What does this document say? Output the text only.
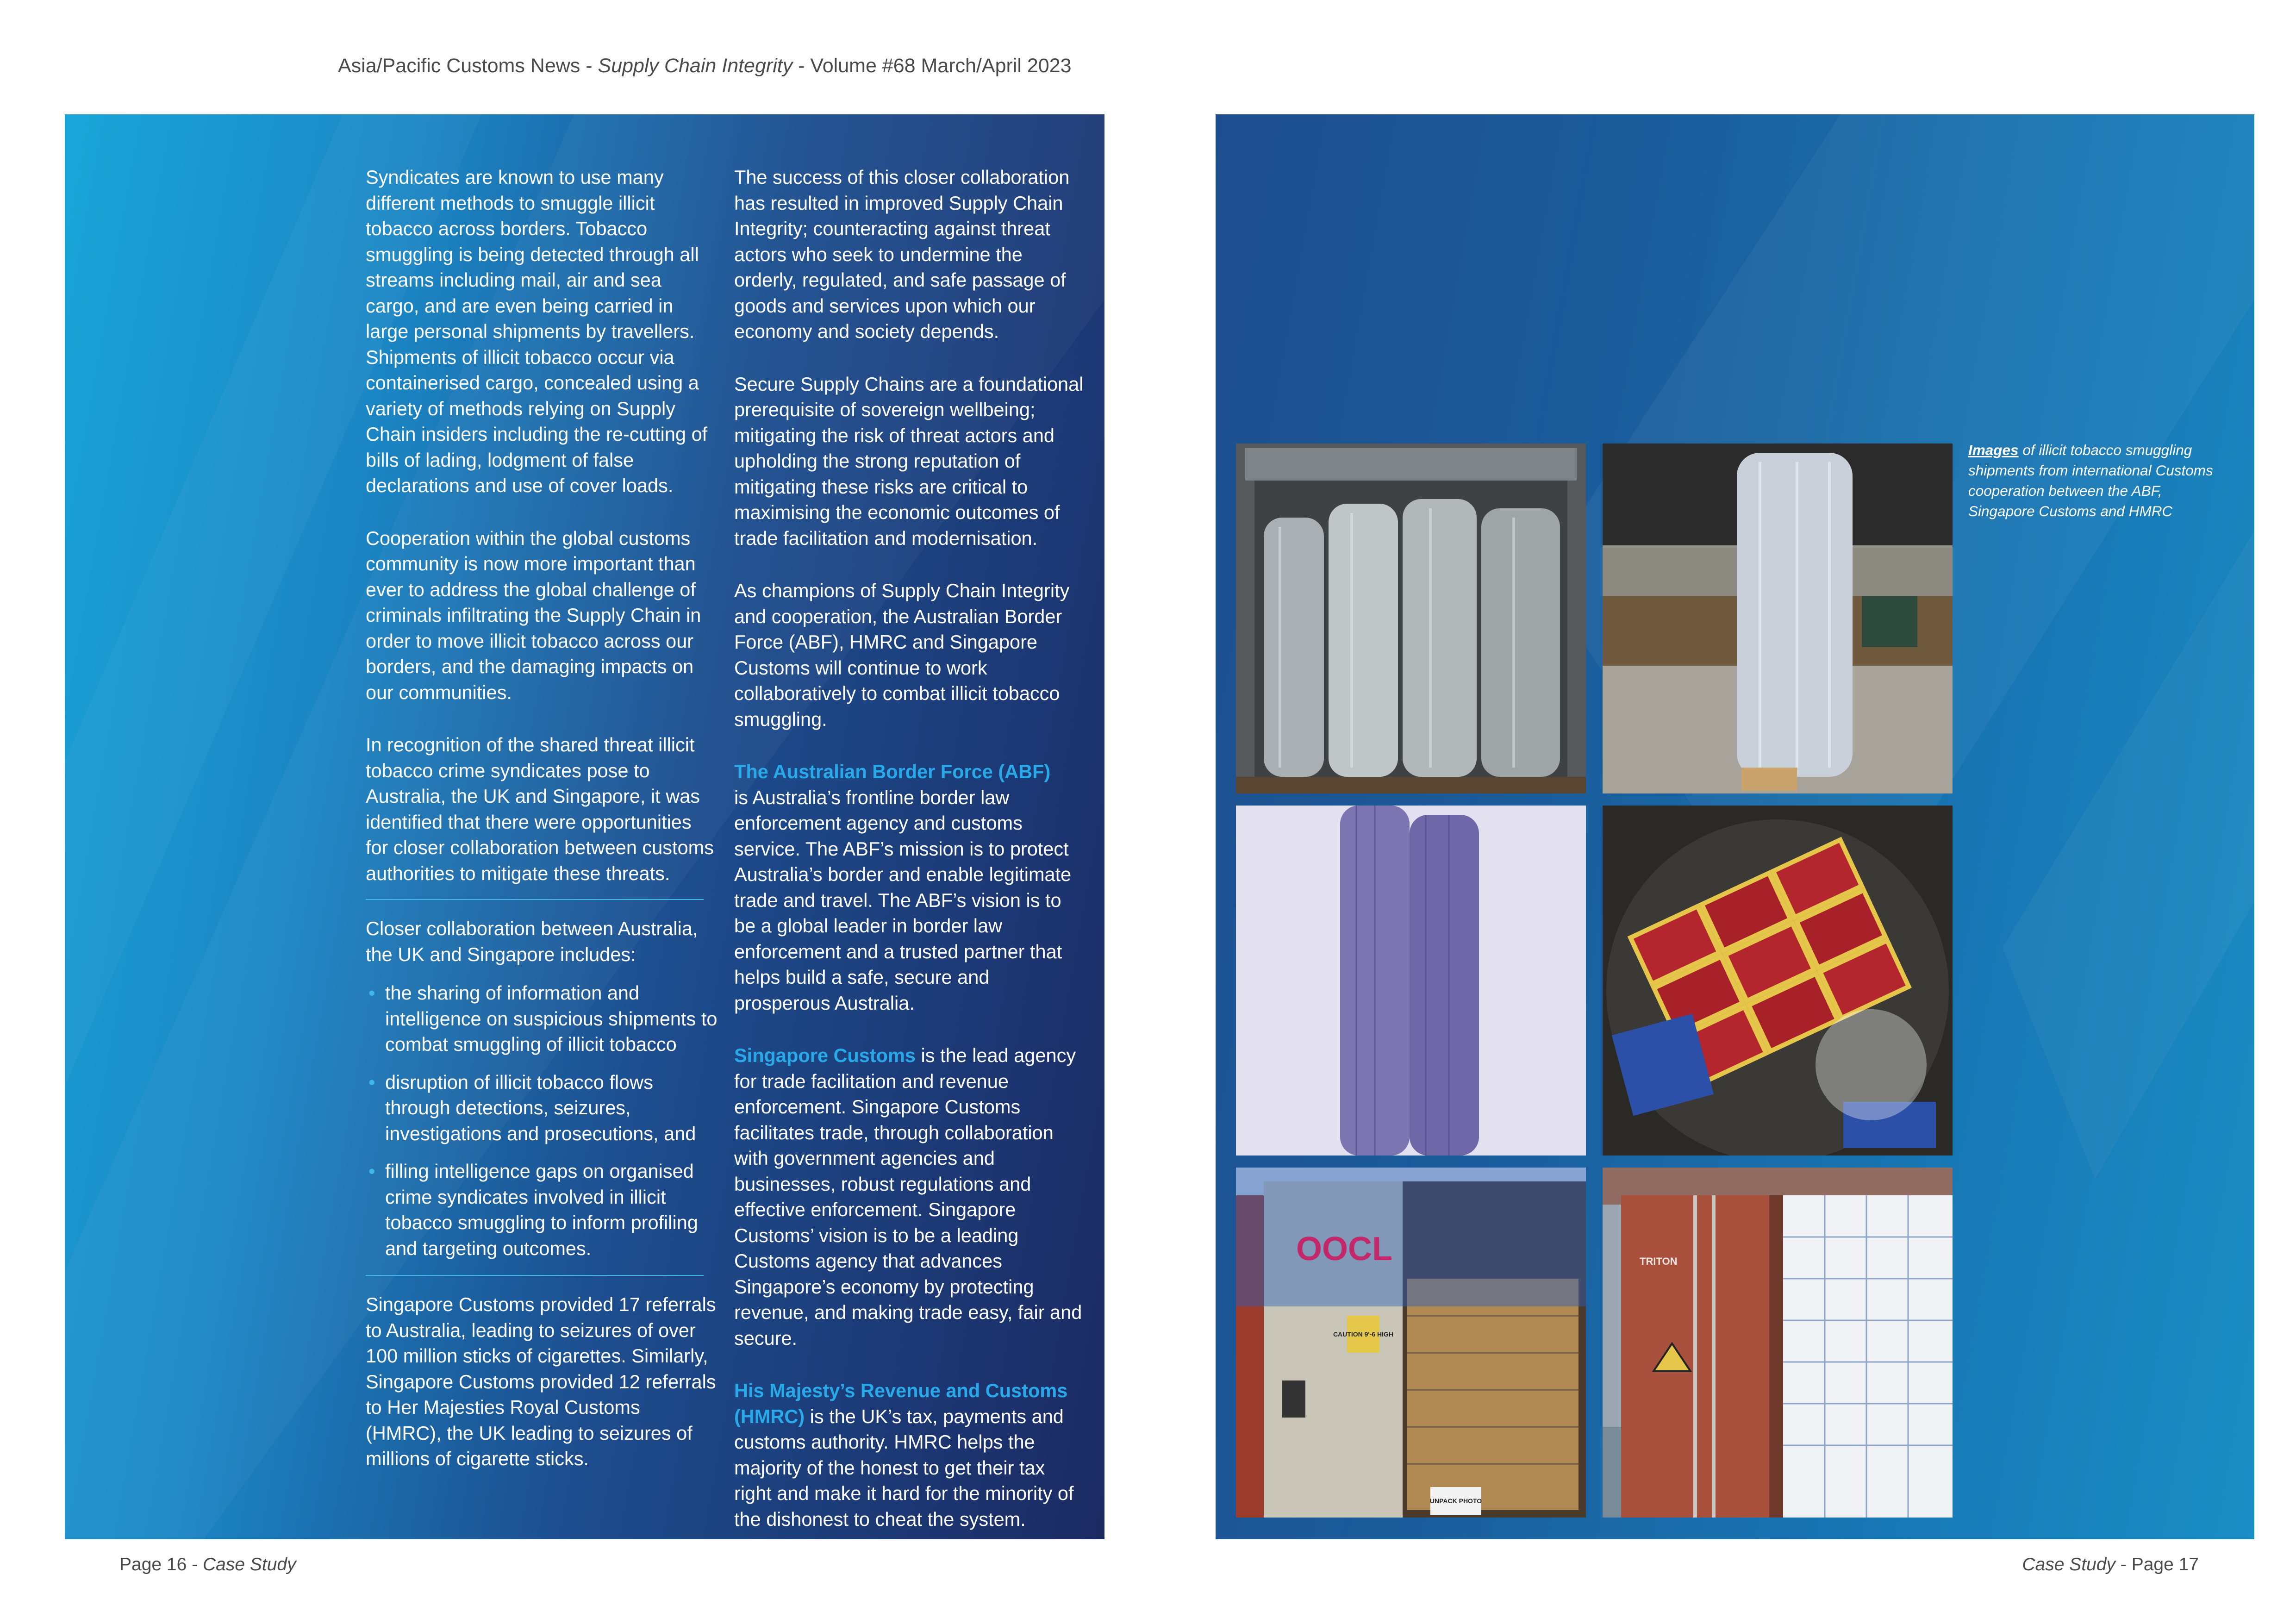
Asia/Pacific Customs News - Supply Chain Integrity - Volume #68 March/April 2023

Syndicates are known to use many different methods to smuggle illicit tobacco across borders. Tobacco smuggling is being detected through all streams including mail, air and sea cargo, and are even being carried in large personal shipments by travellers. Shipments of illicit tobacco occur via containerised cargo, concealed using a variety of methods relying on Supply Chain insiders including the re-cutting of bills of lading, lodgment of false declarations and use of cover loads.

Cooperation within the global customs community is now more important than ever to address the global challenge of criminals infiltrating the Supply Chain in order to move illicit tobacco across our borders, and the damaging impacts on our communities.

In recognition of the shared threat illicit tobacco crime syndicates pose to Australia, the UK and Singapore, it was identified that there were opportunities for closer collaboration between customs authorities to mitigate these threats.

Closer collaboration between Australia, the UK and Singapore includes:

• the sharing of information and intelligence on suspicious shipments to combat smuggling of illicit tobacco
• disruption of illicit tobacco flows through detections, seizures, investigations and prosecutions, and
• filling intelligence gaps on organised crime syndicates involved in illicit tobacco smuggling to inform profiling and targeting outcomes.

Singapore Customs provided 17 referrals to Australia, leading to seizures of over 100 million sticks of cigarettes. Similarly, Singapore Customs provided 12 referrals to Her Majesties Royal Customs (HMRC), the UK leading to seizures of millions of cigarette sticks.

The success of this closer collaboration has resulted in improved Supply Chain Integrity; counteracting against threat actors who seek to undermine the orderly, regulated, and safe passage of goods and services upon which our economy and society depends.

Secure Supply Chains are a foundational prerequisite of sovereign wellbeing; mitigating the risk of threat actors and upholding the strong reputation of mitigating these risks are critical to maximising the economic outcomes of trade facilitation and modernisation.

As champions of Supply Chain Integrity and cooperation, the Australian Border Force (ABF), HMRC and Singapore Customs will continue to work collaboratively to combat illicit tobacco smuggling.

The Australian Border Force (ABF)
is Australia’s frontline border law enforcement agency and customs service. The ABF’s mission is to protect Australia’s border and enable legitimate trade and travel. The ABF’s vision is to be a global leader in border law enforcement and a trusted partner that helps build a safe, secure and prosperous Australia.

Singapore Customs is the lead agency for trade facilitation and revenue enforcement. Singapore Customs facilitates trade, through collaboration with government agencies and businesses, robust regulations and effective enforcement. Singapore Customs’ vision is to be a leading Customs agency that advances Singapore’s economy by protecting revenue, and making trade easy, fair and secure.

His Majesty’s Revenue and Customs (HMRC) is the UK’s tax, payments and customs authority. HMRC helps the majority of the honest to get their tax right and make it hard for the minority of the dishonest to cheat the system.

OOCL
CAUTION 9'-6 HIGH
UNPACK PHOTO
TRITON
Images of illicit tobacco smuggling shipments from international Customs cooperation between the ABF, Singapore Customs and HMRC
Page 16 - Case Study	Case Study - Page 17
